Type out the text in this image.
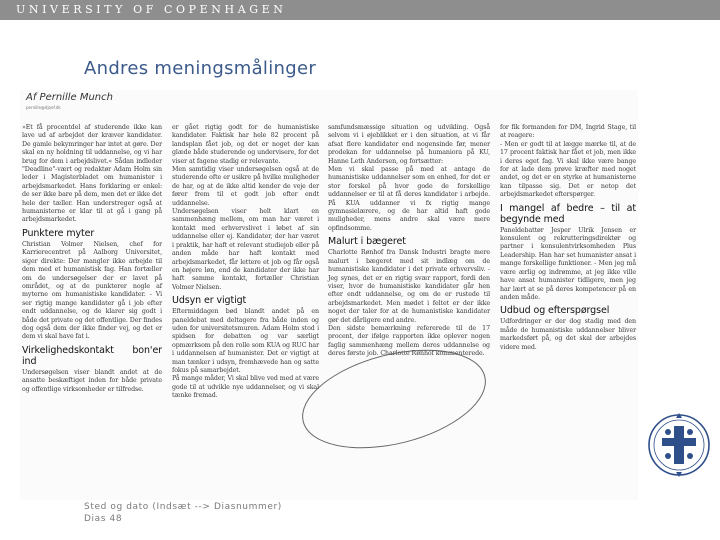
UNIVERSITY OF COPENHAGEN
Andres meningsmålinger
Af Pernille Munch
pernille@djoef.dk

»Et få procentdel af studerende ikke kan lave ud af arbejdet der kræver kandidater. De gamle bekymringer har intet at gøre. Der skal en ny holdning til uddannelse, og vi har brug for dem i arbejdslivet.« Sådan indleder "Deadline"-vært og redaktør Adam Holm sin leder i Magisterbladet om humanister i arbejdsmarkedet. Hans forklaring er enkel: de ser ikke bare på dem, men det er ikke det hele der tæller. Han understreger også at humanisterne er klar til at gå i gang på arbejdsmarkedet.

Punktere myter

Christian Volmer Nielsen, chef for Karrierecentret på Aalborg Universitet, siger direkte: Der mangler ikke arbejde til dem med et humanistisk fag. Han fortæller om de undersøgelser der er lavet på området, og at de punkterer nogle af myterne om humanistiske kandidater. - Vi ser rigtig mange kandidater gå i job efter endt uddannelse, og de klarer sig godt i både det private og det offentlige. Der findes dog også dem der ikke finder vej, og det er dem vi skal have fat i.

Virkelighedskontakt bon'er ind

Undersøgelsen viser blandt andet at de ansatte beskæftiget inden for både private og offentlige virksomheder er tilfredse.

er gået rigtig godt for de humanistiske kandidater. Faktisk har hele 82 procent på landsplan fået job, og det er noget der kan glæde både studerende og undervisere, for det viser at fagene stadig er relevante.

Men samtidig viser undersøgelsen også at de studerende ofte er usikre på hvilke muligheder de har, og at de ikke altid kender de veje der fører frem til et godt job efter endt uddannelse.

Undersøgelsen viser helt klart en sammenhæng mellem, om man har været i kontakt med erhvervslivet i løbet af sin uddannelse eller ej. Kandidater, der har været i praktik, har haft et relevant studiejob eller på anden måde har haft kontakt med arbejdsmarkedet, får lettere et job og får også en højere løn, end de kandidater der ikke har haft samme kontakt, fortæller Christian Volmer Nielsen.

Udsyn er vigtigt

Eftermiddagen bød blandt andet på en paneldebat med deltagere fra både inden og uden for universitetsmuren. Adam Holm stod i spidsen for debatten og var særligt opmærksom på den rolle som KUA og RUC har i uddannelsen af humanister. Det er vigtigt at man tænker i udsyn, fremhævede han og satte fokus på samarbejdet.

På mange måder, Vi skal blive ved med at være gode til at udvikle nye uddannelser, og vi skal tænke fremad.

samfundsmæssige situation og udvikling. Også selvom vi i øjeblikket er i den situation, at vi får afsat flere kandidater end nogensinde før, mener prodekan for uddannelse på humaniora på KU, Hanne Leth Andersen, og fortsætter:

Men vi skal passe på med at antage de humanistiske uddannelser som en enhed, for det er stor forskel på hvor gode de forskellige uddannelser er til at få deres kandidater i arbejde. På KUA uddanner vi fx rigtig mange gymnasielærere, og de har altid haft gode muligheder, mens andre skal være mere opfindsomme.

Malurt i bægeret

Charlotte Rønhof fra Dansk Industri bragte mere malurt i bægeret med sit indlæg om de humanistiske kandidater i det private erhvervsliv. - Jeg synes, det er en rigtig svær rapport, fordi den viser, hvor de humanistiske kandidater går hen efter endt uddannelse, og om de er rustede til arbejdsmarkedet. Men mødet i feltet er der ikke noget der taler for at de humanistiske kandidater gør det dårligere end andre.

Den sidste bemærkning refererede til de 17 procent, der ifølge rapporten ikke oplever nogen faglig sammenhæng mellem deres uddannelse og deres første job. Charlotte Rønhof kommenterede.

for fik formanden for DM, Ingrid Stage, til at reagere:

- Men er godt til at lægge mærke til, at de 17 procent faktisk har fået et job, men ikke i deres eget fag. Vi skal ikke være bange for at lade dem prøve kræfter med noget andet, og det er en styrke at humanisterne kan tilpasse sig. Det er netop det arbejdsmarkedet efterspørger.

I mangel af bedre – til at begynde med

Paneldebattør Jesper Ulrik Jensen er konsulent og rekrutteringsdirektør og partner i konsulentvirksomheden Plus Leadership. Han har set humanister ansat i mange forskellige funktioner. - Men jeg må være ærlig og indrømme, at jeg ikke ville have ansat humanister tidligere, men jeg har lært at se på deres kompetencer på en anden måde.

Udbud og efterspørgsel

Udfordringer er der dog stadig med den måde de humanistiske uddannelser bliver markedsført på, og det skal der arbejdes videre med.

Sted og dato (Indsæt --> Diasnummer)
Dias 48
